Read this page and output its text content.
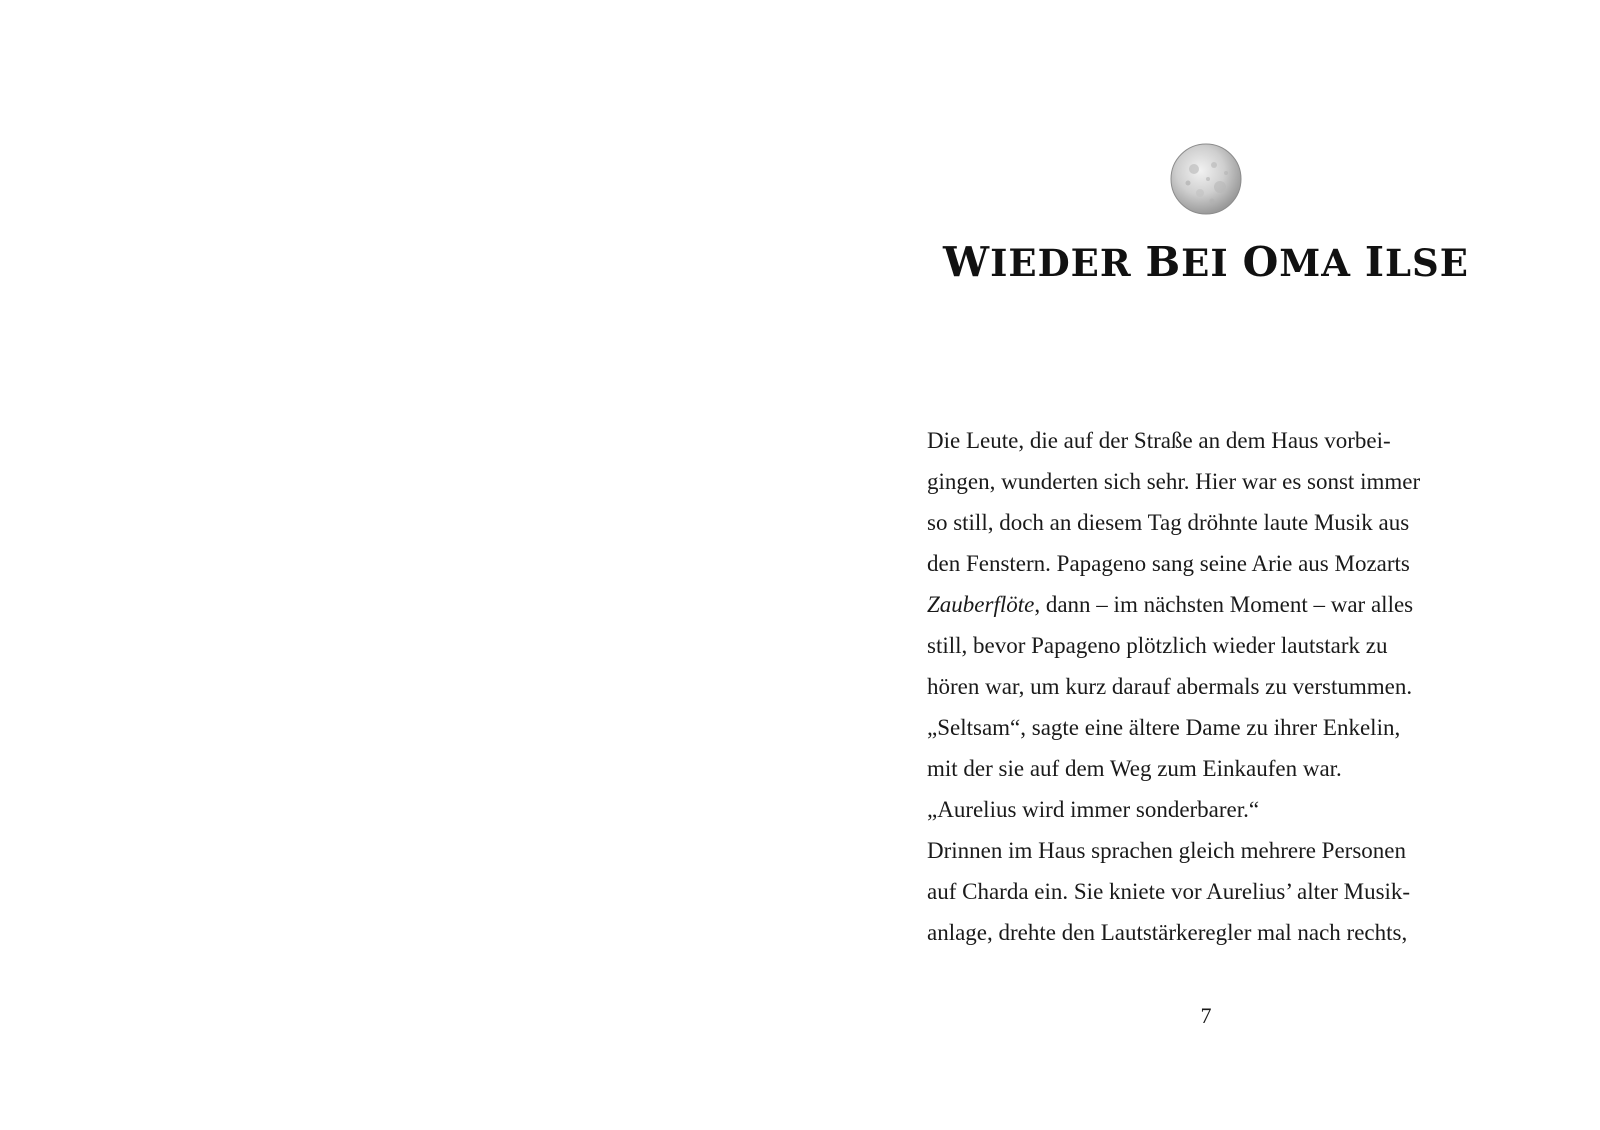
WIEDER BEI OMA ILSE
Die Leute, die auf der Straße an dem Haus vorbei-
gingen, wunderten sich sehr. Hier war es sonst immer
so still, doch an diesem Tag dröhnte laute Musik aus
den Fenstern. Papageno sang seine Arie aus Mozarts
Zauberflöte, dann – im nächsten Moment – war alles
still, bevor Papageno plötzlich wieder lautstark zu
hören war, um kurz darauf abermals zu verstummen.
„Seltsam“, sagte eine ältere Dame zu ihrer Enkelin,
mit der sie auf dem Weg zum Einkaufen war.
„Aurelius wird immer sonderbarer.“
Drinnen im Haus sprachen gleich mehrere Personen
auf Charda ein. Sie kniete vor Aurelius’ alter Musik-
anlage, drehte den Lautstärkeregler mal nach rechts,
7
